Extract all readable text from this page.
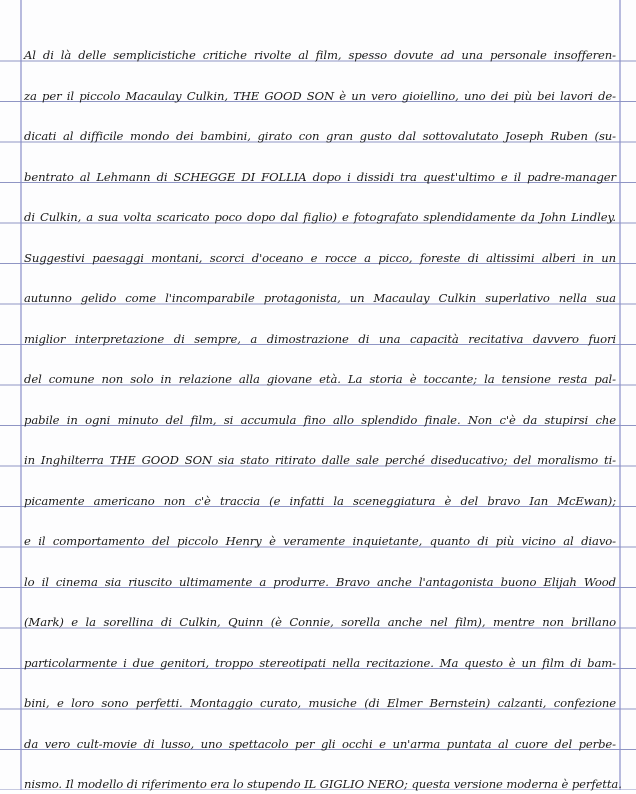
Al di là delle semplicistiche critiche rivolte al film, spesso dovute ad una personale insofferen-
za per il piccolo Macaulay Culkin, THE GOOD SON è un vero gioiellino, uno dei più bei lavori de-
dicati al difficile mondo dei bambini, girato con gran gusto dal sottovalutato Joseph Ruben (su-
bentrato al Lehmann di SCHEGGE DI FOLLIA dopo i dissidi tra quest'ultimo e il padre-manager
di Culkin, a sua volta scaricato poco dopo dal figlio) e fotografato splendidamente da John Lindley.
Suggestivi paesaggi montani, scorci d'oceano e rocce a picco, foreste di altissimi alberi in un
autunno gelido come l'incomparabile protagonista, un Macaulay Culkin superlativo nella sua
miglior interpretazione di sempre, a dimostrazione di una capacità recitativa davvero fuori
del comune non solo in relazione alla giovane età. La storia è toccante; la tensione resta pal-
pabile in ogni minuto del film, si accumula fino allo splendido finale. Non c'è da stupirsi che
in Inghilterra THE GOOD SON sia stato ritirato dalle sale perché diseducativo; del moralismo ti-
picamente americano non c'è traccia (e infatti la sceneggiatura è del bravo Ian McEwan);
e il comportamento del piccolo Henry è veramente inquietante, quanto di più vicino al diavo-
lo il cinema sia riuscito ultimamente a produrre. Bravo anche l'antagonista buono Elijah Wood
(Mark) e la sorellina di Culkin, Quinn (è Connie, sorella anche nel film), mentre non brillano
particolarmente i due genitori, troppo stereotipati nella recitazione. Ma questo è un film di bam-
bini, e loro sono perfetti. Montaggio curato, musiche (di Elmer Bernstein) calzanti, confezione
da vero cult-movie di lusso, uno spettacolo per gli occhi e un'arma puntata al cuore del perbe-
nismo. Il modello di riferimento era lo stupendo IL GIGLIO NERO; questa versione moderna è perfetta.
